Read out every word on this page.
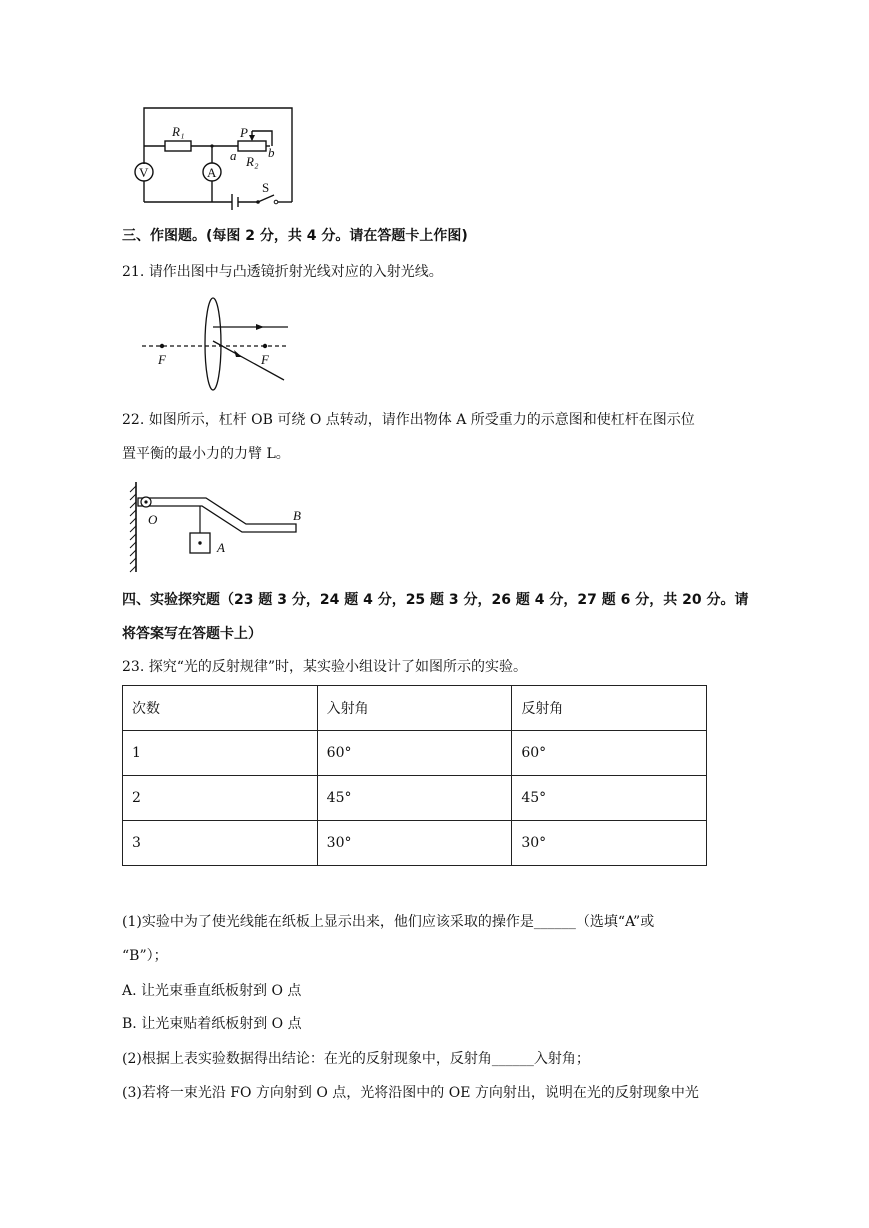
R₁	P
a R₂
b
V	A
S
三、作图题。(每图 2 分，共 4 分。请在答题卡上作图)
21. 请作出图中与凸透镜折射光线对应的入射光线。
F	F
22. 如图所示，杠杆 OB 可绕 O 点转动，请作出物体 A 所受重力的示意图和使杠杆在图示位
置平衡的最小力的力臂 L。
O	B
A
四、实验探究题（23 题 3 分，24 题 4 分，25 题 3 分，26 题 4 分，27 题 6 分，共 20 分。请
将答案写在答题卡上）
23. 探究“光的反射规律”时，某实验小组设计了如图所示的实验。
次数	入射角	反射角
1	60°	60°
2	45°	45°
3	30°	30°
(1)实验中为了使光线能在纸板上显示出来，他们应该采取的操作是______（选填“A”或
“B”）；
A. 让光束垂直纸板射到 O 点
B. 让光束贴着纸板射到 O 点
(2)根据上表实验数据得出结论：在光的反射现象中，反射角______入射角；
(3)若将一束光沿 FO 方向射到 O 点，光将沿图中的 OE 方向射出，说明在光的反射现象中光
